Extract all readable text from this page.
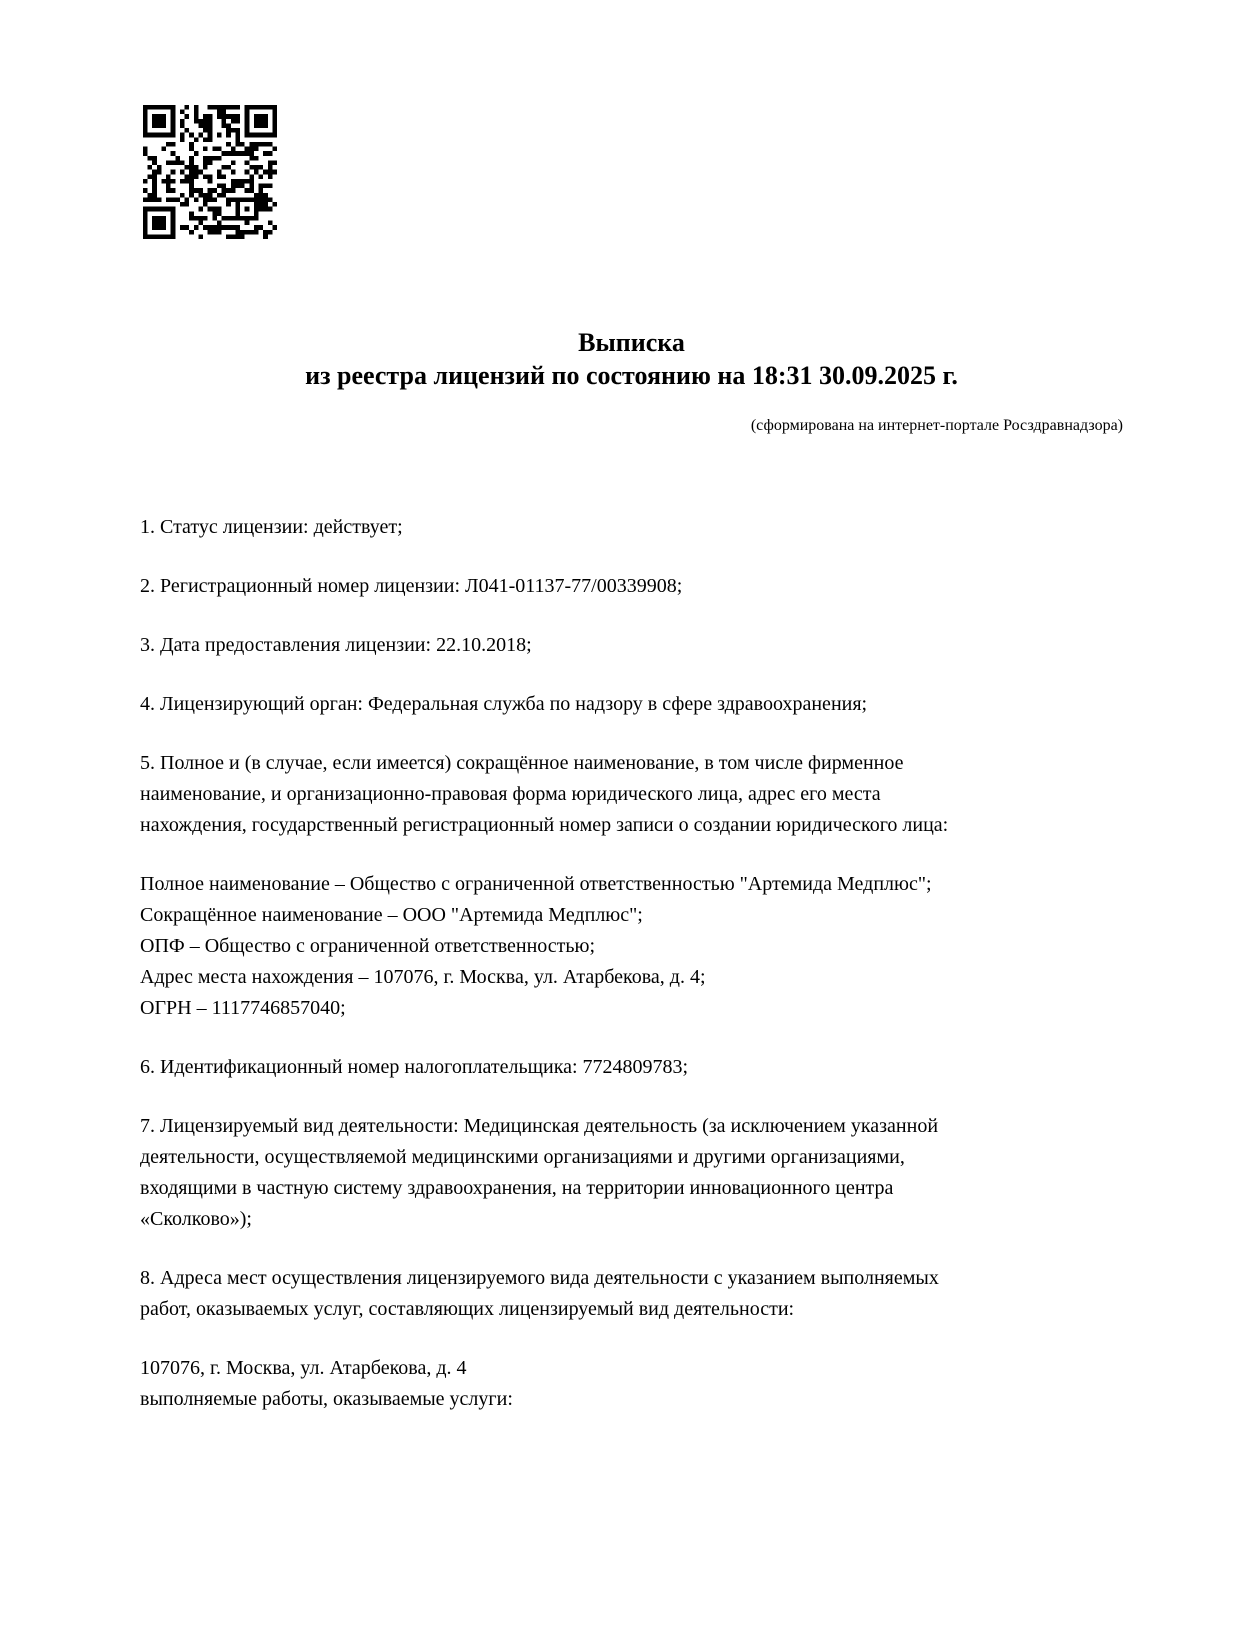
Выписка
из реестра лицензий по состоянию на 18:31 30.09.2025 г.
(сформирована на интернет-портале Росздравнадзора)
1. Статус лицензии: действует;
2. Регистрационный номер лицензии: Л041-01137-77/00339908;
3. Дата предоставления лицензии: 22.10.2018;
4. Лицензирующий орган: Федеральная служба по надзору в сфере здравоохранения;
5. Полное и (в случае, если имеется) сокращённое наименование, в том числе фирменное
наименование, и организационно-правовая форма юридического лица, адрес его места
нахождения, государственный регистрационный номер записи о создании юридического лица:
Полное наименование – Общество с ограниченной ответственностью "Артемида Медплюс";
Сокращённое наименование – ООО "Артемида Медплюс";
ОПФ – Общество с ограниченной ответственностью;
Адрес места нахождения – 107076, г. Москва, ул. Атарбекова, д. 4;
ОГРН – 1117746857040;
6. Идентификационный номер налогоплательщика: 7724809783;
7. Лицензируемый вид деятельности: Медицинская деятельность (за исключением указанной
деятельности, осуществляемой медицинскими организациями и другими организациями,
входящими в частную систему здравоохранения, на территории инновационного центра
«Сколково»);
8. Адреса мест осуществления лицензируемого вида деятельности с указанием выполняемых
работ, оказываемых услуг, составляющих лицензируемый вид деятельности:
107076, г. Москва, ул. Атарбекова, д. 4
выполняемые работы, оказываемые услуги:
